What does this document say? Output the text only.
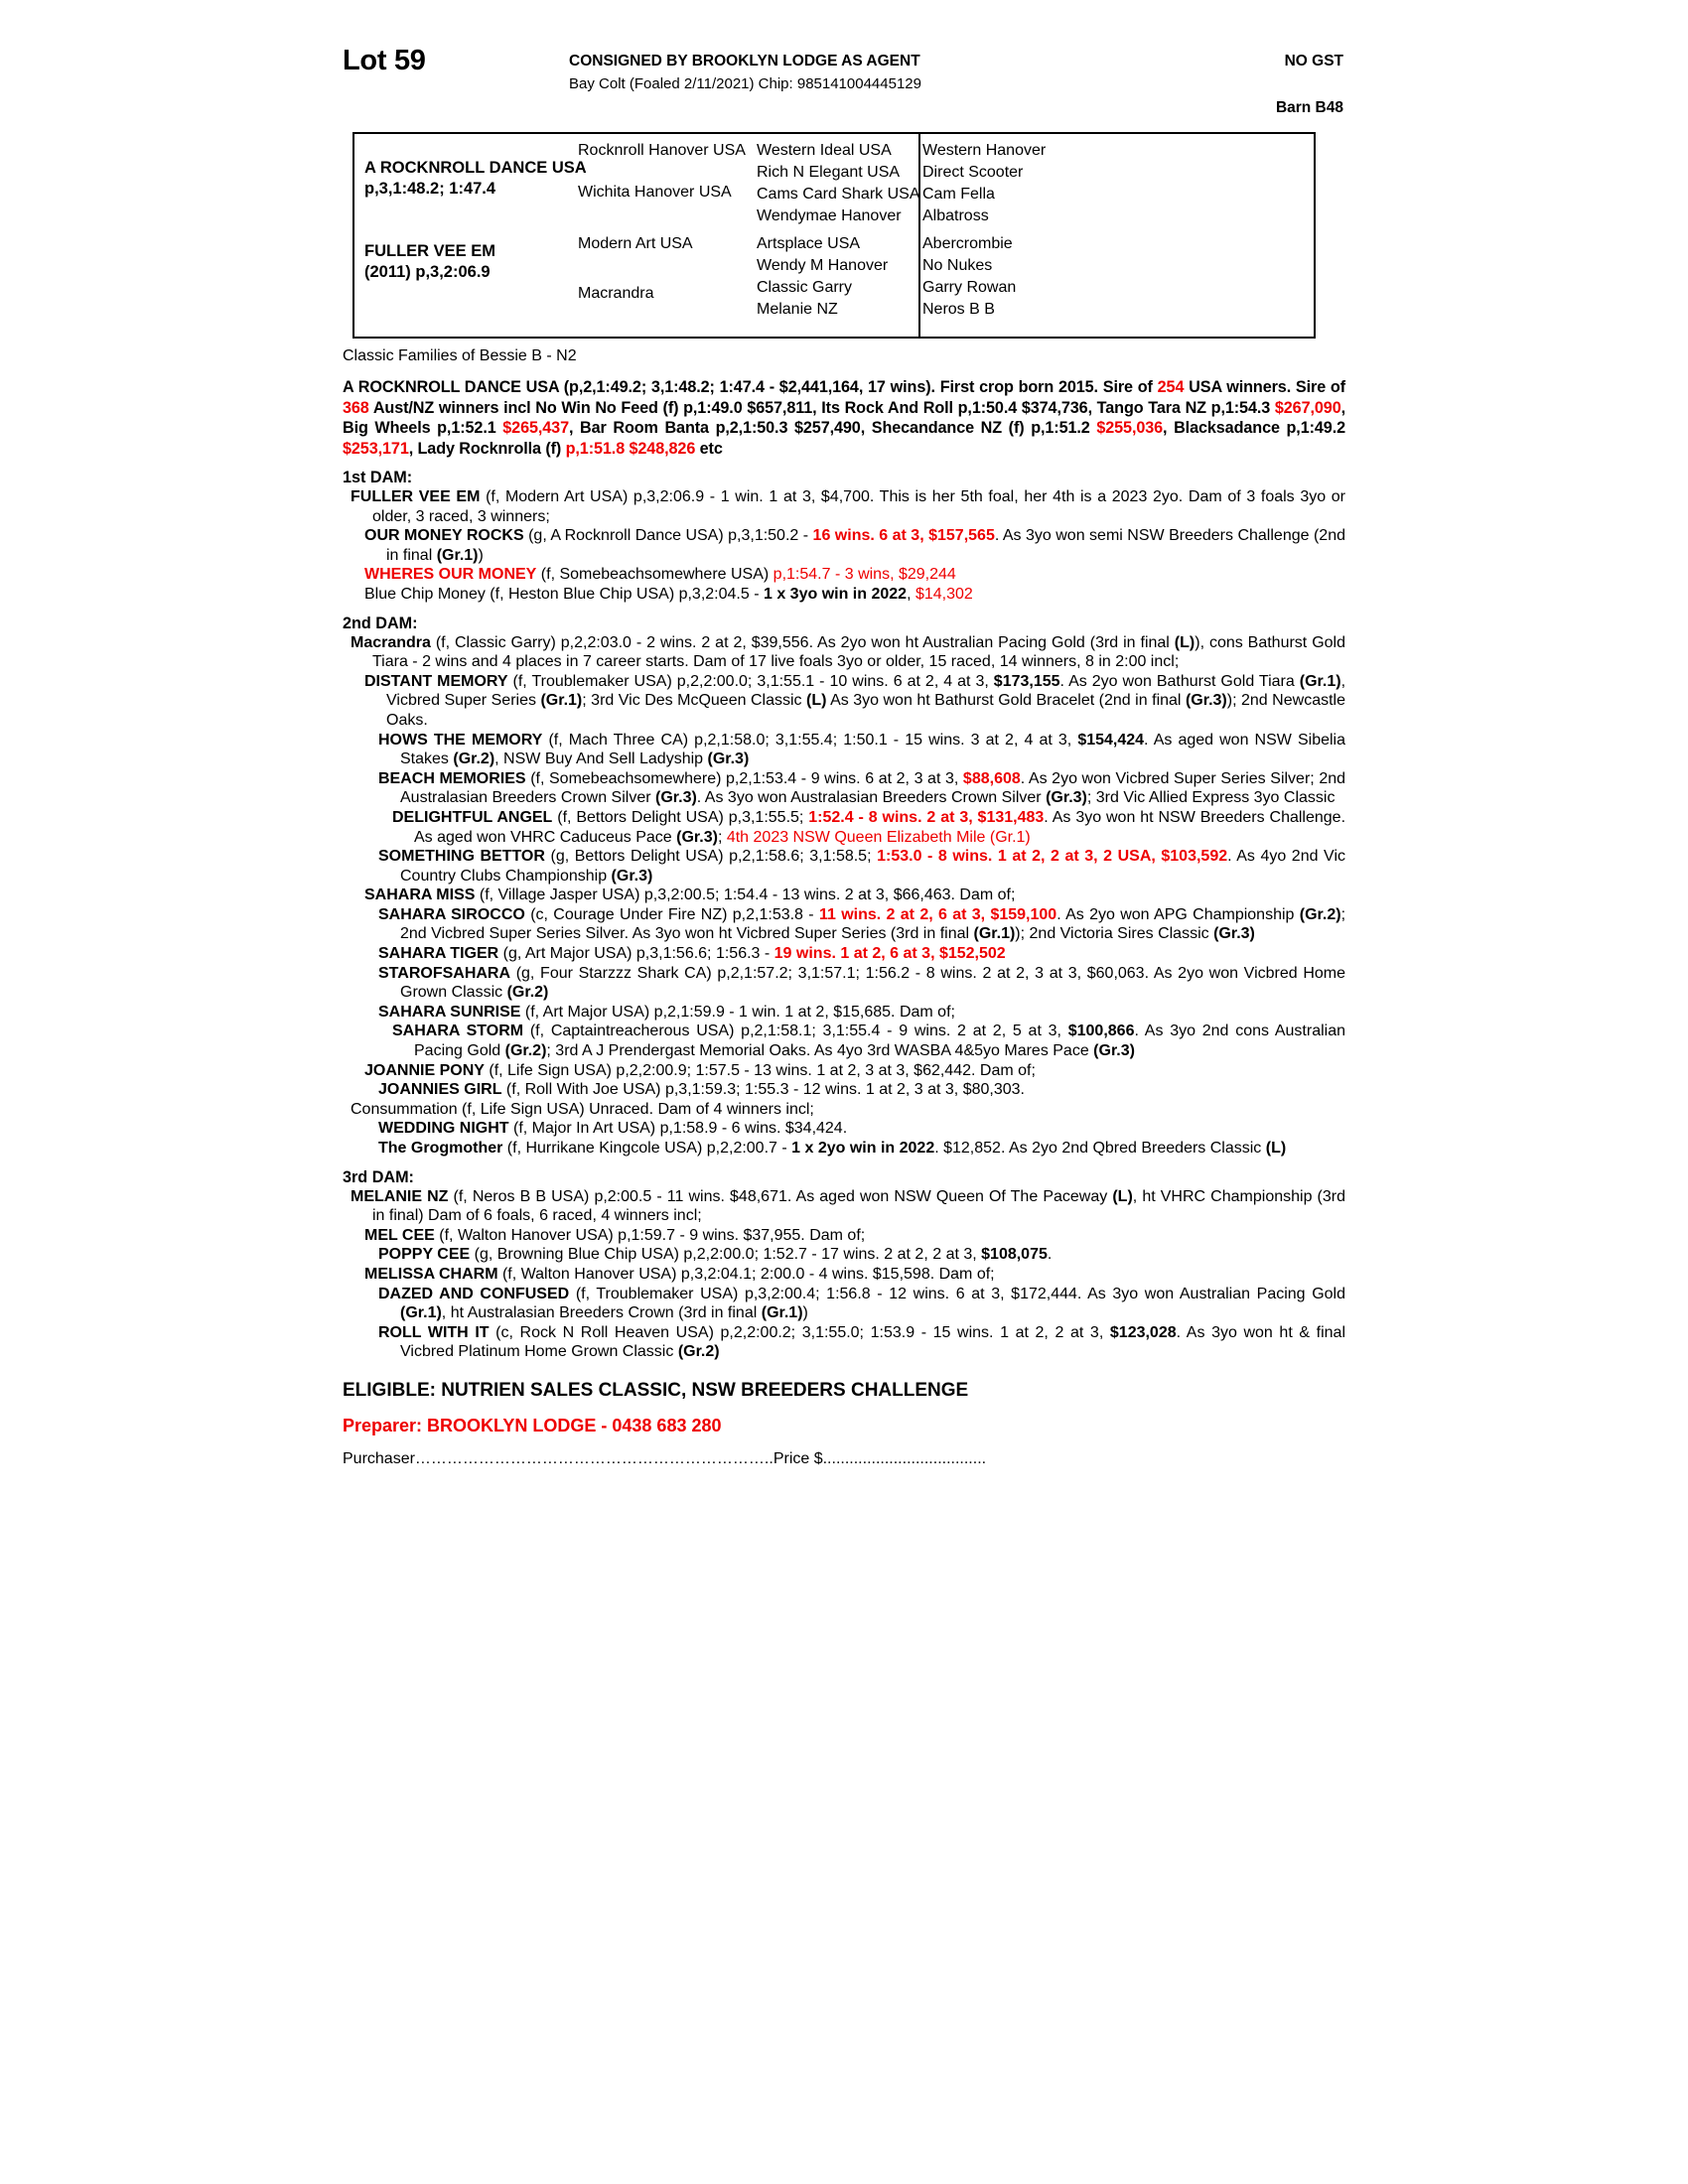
Lot 59	CONSIGNED BY BROOKLYN LODGE AS AGENT	NO GST
Bay Colt (Foaled 2/11/2021) Chip: 985141004445129
Barn B48
A ROCKNROLL DANCE USA
p,3,1:48.2; 1:47.4
FULLER VEE EM
(2011) p,3,2:06.9
Rocknroll Hanover USA
Wichita Hanover USA
Modern Art USA
Macrandra
Western Ideal USA
Rich N Elegant USA
Cams Card Shark USA
Wendymae Hanover
Artsplace USA
Wendy M Hanover
Classic Garry
Melanie NZ
Western Hanover
Direct Scooter
Cam Fella
Albatross
Abercrombie
No Nukes
Garry Rowan
Neros B B
Classic Families of Bessie B - N2
A ROCKNROLL DANCE USA (p,2,1:49.2; 3,1:48.2; 1:47.4 - $2,441,164, 17 wins). First crop born 2015. Sire of 254 USA winners. Sire of 368 Aust/NZ winners incl No Win No Feed (f) p,1:49.0 $657,811, Its Rock And Roll p,1:50.4 $374,736, Tango Tara NZ p,1:54.3 $267,090, Big Wheels p,1:52.1 $265,437, Bar Room Banta p,2,1:50.3 $257,490, Shecandance NZ (f) p,1:51.2 $255,036, Blacksadance p,1:49.2 $253,171, Lady Rocknrolla (f) p,1:51.8 $248,826 etc
1st DAM:
FULLER VEE EM (f, Modern Art USA) p,3,2:06.9 - 1 win. 1 at 3, $4,700. This is her 5th foal, her 4th is a 2023 2yo. Dam of 3 foals 3yo or older, 3 raced, 3 winners;
OUR MONEY ROCKS (g, A Rocknroll Dance USA) p,3,1:50.2 - 16 wins. 6 at 3, $157,565. As 3yo won semi NSW Breeders Challenge (2nd in final (Gr.1))
WHERES OUR MONEY (f, Somebeachsomewhere USA) p,1:54.7 - 3 wins, $29,244
Blue Chip Money (f, Heston Blue Chip USA) p,3,2:04.5 - 1 x 3yo win in 2022, $14,302
2nd DAM:
Macrandra (f, Classic Garry) p,2,2:03.0 - 2 wins. 2 at 2, $39,556. As 2yo won ht Australian Pacing Gold (3rd in final (L)), cons Bathurst Gold Tiara - 2 wins and 4 places in 7 career starts. Dam of 17 live foals 3yo or older, 15 raced, 14 winners, 8 in 2:00 incl;
DISTANT MEMORY (f, Troublemaker USA) p,2,2:00.0; 3,1:55.1 - 10 wins. 6 at 2, 4 at 3, $173,155. As 2yo won Bathurst Gold Tiara (Gr.1), Vicbred Super Series (Gr.1); 3rd Vic Des McQueen Classic (L) As 3yo won ht Bathurst Gold Bracelet (2nd in final (Gr.3)); 2nd Newcastle Oaks.
HOWS THE MEMORY (f, Mach Three CA) p,2,1:58.0; 3,1:55.4; 1:50.1 - 15 wins. 3 at 2, 4 at 3, $154,424. As aged won NSW Sibelia Stakes (Gr.2), NSW Buy And Sell Ladyship (Gr.3)
BEACH MEMORIES (f, Somebeachsomewhere) p,2,1:53.4 - 9 wins. 6 at 2, 3 at 3, $88,608. As 2yo won Vicbred Super Series Silver; 2nd Australasian Breeders Crown Silver (Gr.3). As 3yo won Australasian Breeders Crown Silver (Gr.3); 3rd Vic Allied Express 3yo Classic
DELIGHTFUL ANGEL (f, Bettors Delight USA) p,3,1:55.5; 1:52.4 - 8 wins. 2 at 3, $131,483. As 3yo won ht NSW Breeders Challenge. As aged won VHRC Caduceus Pace (Gr.3); 4th 2023 NSW Queen Elizabeth Mile (Gr.1)
SOMETHING BETTOR (g, Bettors Delight USA) p,2,1:58.6; 3,1:58.5; 1:53.0 - 8 wins. 1 at 2, 2 at 3, 2 USA, $103,592. As 4yo 2nd Vic Country Clubs Championship (Gr.3)
SAHARA MISS (f, Village Jasper USA) p,3,2:00.5; 1:54.4 - 13 wins. 2 at 3, $66,463. Dam of;
SAHARA SIROCCO (c, Courage Under Fire NZ) p,2,1:53.8 - 11 wins. 2 at 2, 6 at 3, $159,100. As 2yo won APG Championship (Gr.2); 2nd Vicbred Super Series Silver. As 3yo won ht Vicbred Super Series (3rd in final (Gr.1)); 2nd Victoria Sires Classic (Gr.3)
SAHARA TIGER (g, Art Major USA) p,3,1:56.6; 1:56.3 - 19 wins. 1 at 2, 6 at 3, $152,502
STAROFSAHARA (g, Four Starzzz Shark CA) p,2,1:57.2; 3,1:57.1; 1:56.2 - 8 wins. 2 at 2, 3 at 3, $60,063. As 2yo won Vicbred Home Grown Classic (Gr.2)
SAHARA SUNRISE (f, Art Major USA) p,2,1:59.9 - 1 win. 1 at 2, $15,685. Dam of;
SAHARA STORM (f, Captaintreacherous USA) p,2,1:58.1; 3,1:55.4 - 9 wins. 2 at 2, 5 at 3, $100,866. As 3yo 2nd cons Australian Pacing Gold (Gr.2); 3rd A J Prendergast Memorial Oaks. As 4yo 3rd WASBA 4&5yo Mares Pace (Gr.3)
JOANNIE PONY (f, Life Sign USA) p,2,2:00.9; 1:57.5 - 13 wins. 1 at 2, 3 at 3, $62,442. Dam of;
JOANNIES GIRL (f, Roll With Joe USA) p,3,1:59.3; 1:55.3 - 12 wins. 1 at 2, 3 at 3, $80,303.
Consummation (f, Life Sign USA) Unraced. Dam of 4 winners incl;
WEDDING NIGHT (f, Major In Art USA) p,1:58.9 - 6 wins. $34,424.
The Grogmother (f, Hurrikane Kingcole USA) p,2,2:00.7 - 1 x 2yo win in 2022. $12,852. As 2yo 2nd Qbred Breeders Classic (L)
3rd DAM:
MELANIE NZ (f, Neros B B USA) p,2:00.5 - 11 wins. $48,671. As aged won NSW Queen Of The Paceway (L), ht VHRC Championship (3rd in final) Dam of 6 foals, 6 raced, 4 winners incl;
MEL CEE (f, Walton Hanover USA) p,1:59.7 - 9 wins. $37,955. Dam of;
POPPY CEE (g, Browning Blue Chip USA) p,2,2:00.0; 1:52.7 - 17 wins. 2 at 2, 2 at 3, $108,075.
MELISSA CHARM (f, Walton Hanover USA) p,3,2:04.1; 2:00.0 - 4 wins. $15,598. Dam of;
DAZED AND CONFUSED (f, Troublemaker USA) p,3,2:00.4; 1:56.8 - 12 wins. 6 at 3, $172,444. As 3yo won Australian Pacing Gold (Gr.1), ht Australasian Breeders Crown (3rd in final (Gr.1))
ROLL WITH IT (c, Rock N Roll Heaven USA) p,2,2:00.2; 3,1:55.0; 1:53.9 - 15 wins. 1 at 2, 2 at 3, $123,028. As 3yo won ht & final Vicbred Platinum Home Grown Classic (Gr.2)
ELIGIBLE: NUTRIEN SALES CLASSIC, NSW BREEDERS CHALLENGE
Preparer: BROOKLYN LODGE - 0438 683 280
Purchaser…………………………………………………………..Price $.....................................
